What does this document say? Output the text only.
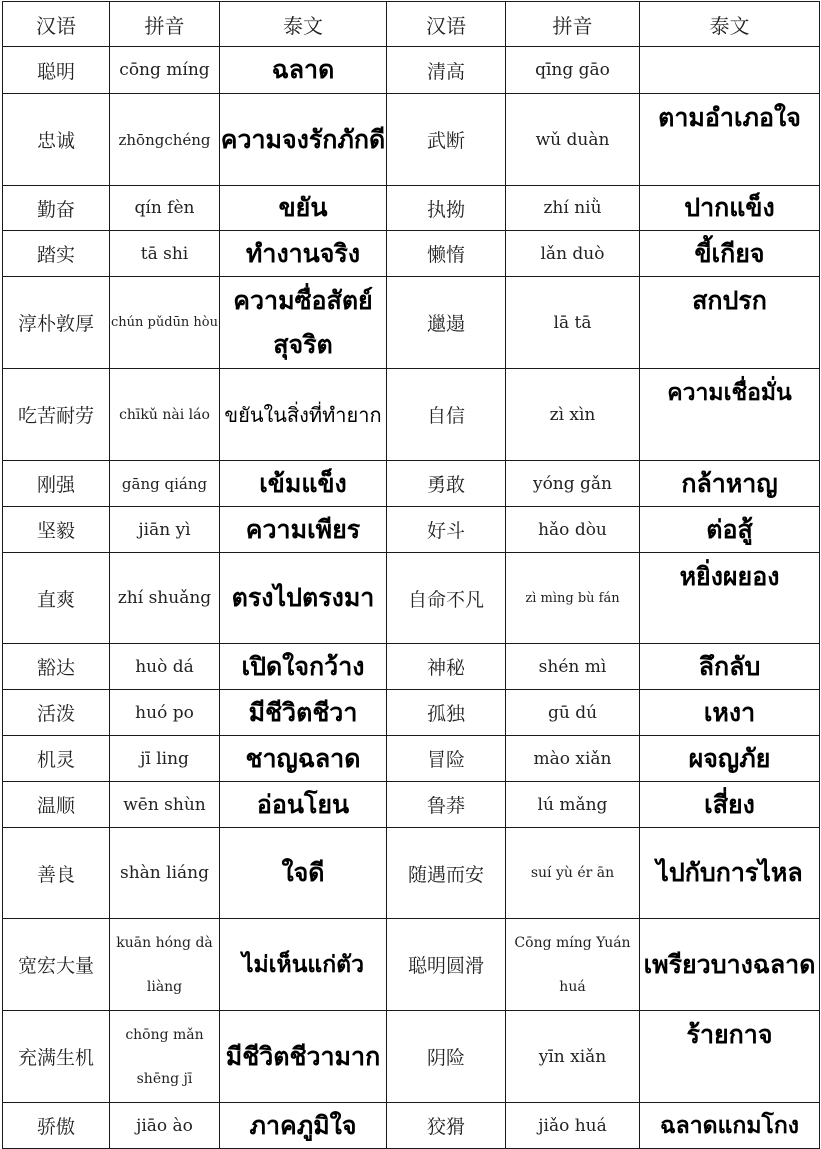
汉语	拼音	泰文	汉语	拼音	泰文
聪明	cōng míng	ฉลาด	清高	qīng gāo	
忠诚	zhōngchéng	ความจงรักภักดี	武断	wǔ duàn	ตามอำเภอใจ
勤奋	qín fèn	ขยัน	执拗	zhí niǜ	ปากแข็ง
踏实	tā shi	ทำงานจริง	懒惰	lǎn duò	ขี้เกียจ
淳朴敦厚	chún pǔdūn hòu	ความซื่อสัตย์สุจริต	邋遢	lā tā	สกปรก
吃苦耐劳	chīkǔ nài láo	ขยันในสิ่งที่ทำยาก	自信	zì xìn	ความเชื่อมั่น
刚强	gāng qiáng	เข้มแข็ง	勇敢	yóng gǎn	กล้าหาญ
坚毅	jiān yì	ความเพียร	好斗	hǎo dòu	ต่อสู้
直爽	zhí shuǎng	ตรงไปตรงมา	自命不凡	zì mìng bù fán	หยิ่งผยอง
豁达	huò dá	เปิดใจกว้าง	神秘	shén mì	ลึกลับ
活泼	huó po	มีชีวิตชีวา	孤独	gū dú	เหงา
机灵	jī ling	ชาญฉลาด	冒险	mào xiǎn	ผจญภัย
温顺	wēn shùn	อ่อนโยน	鲁莽	lú mǎng	เสี่ยง
善良	shàn liáng	ใจดี	随遇而安	suí yù ér ān	ไปกับการไหล
宽宏大量	kuān hóng dà liàng	ไม่เห็นแก่ตัว	聪明圆滑	Cōng míng Yuán huá	เพรียวบางฉลาด
充满生机	chōng mǎn shēng jī	มีชีวิตชีวามาก	阴险	yīn xiǎn	ร้ายกาจ
骄傲	jiāo ào	ภาคภูมิใจ	狡猾	jiǎo huá	ฉลาดแกมโกง
